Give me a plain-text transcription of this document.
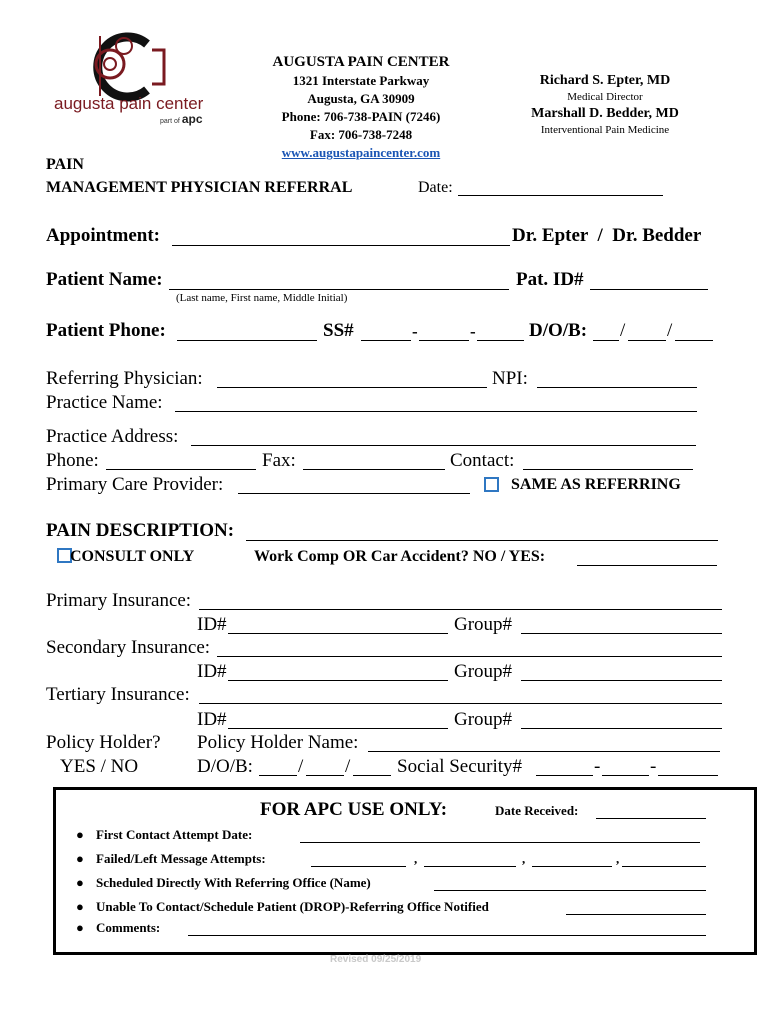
augusta pain center
part of apc
AUGUSTA PAIN CENTER
1321 Interstate Parkway
Augusta, GA 30909
Phone: 706-738-PAIN (7246)
Fax: 706-738-7248
www.augustapaincenter.com
Richard S. Epter, MD
Medical Director
Marshall D. Bedder, MD
Interventional Pain Medicine
PAIN
MANAGEMENT PHYSICIAN REFERRAL	Date:
Appointment:	Dr. Epter  /  Dr. Bedder
Patient Name:	Pat. ID#
(Last name, First name, Middle Initial)
Patient Phone:	SS#	-	-	D/O/B: / /
Referring Physician:	NPI:
Practice Name:
Practice Address:
Phone:	Fax:	Contact:
Primary Care Provider:	SAME AS REFERRING
PAIN DESCRIPTION:
CONSULT ONLY	Work Comp OR Car Accident? NO / YES:
Primary Insurance:
ID#	Group#
Secondary Insurance:
ID#	Group#
Tertiary Insurance:
ID#	Group#
Policy Holder? Policy Holder Name:
YES / NO	D/O/B: / / Social Security#	-	-
FOR APC USE ONLY:	Date Received:
● First Contact Attempt Date:
● Failed/Left Message Attempts:	,	,	,
● Scheduled Directly With Referring Office (Name)
● Unable To Contact/Schedule Patient (DROP)-Referring Office Notified
● Comments:
Revised 09/25/2019
